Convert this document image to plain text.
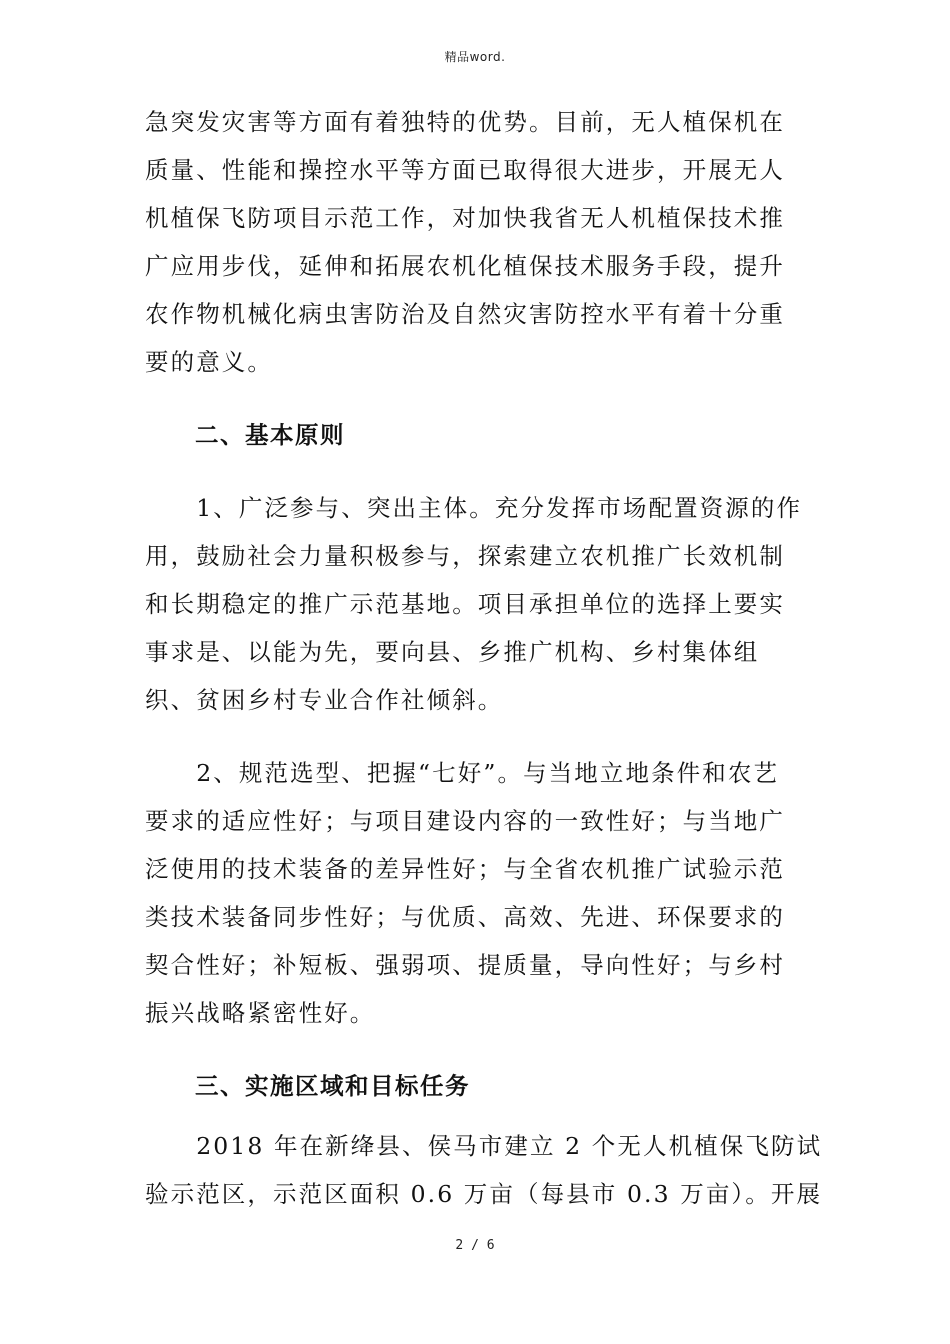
精品word.
急突发灾害等方面有着独特的优势。目前，无人植保机在
质量、性能和操控水平等方面已取得很大进步，开展无人
机植保飞防项目示范工作，对加快我省无人机植保技术推
广应用步伐，延伸和拓展农机化植保技术服务手段，提升
农作物机械化病虫害防治及自然灾害防控水平有着十分重
要的意义。
二、基本原则
　　1、广泛参与、突出主体。充分发挥市场配置资源的作
用，鼓励社会力量积极参与，探索建立农机推广长效机制
和长期稳定的推广示范基地。项目承担单位的选择上要实
事求是、以能为先，要向县、乡推广机构、乡村集体组
织、贫困乡村专业合作社倾斜。
　　2、规范选型、把握“七好”。与当地立地条件和农艺
要求的适应性好；与项目建设内容的一致性好；与当地广
泛使用的技术装备的差异性好；与全省农机推广试验示范
类技术装备同步性好；与优质、高效、先进、环保要求的
契合性好；补短板、强弱项、提质量，导向性好；与乡村
振兴战略紧密性好。
三、实施区域和目标任务
　　2018 年在新绛县、侯马市建立 2 个无人机植保飞防试
验示范区，示范区面积 0.6 万亩（每县市 0.3 万亩）。开展
2 / 6
